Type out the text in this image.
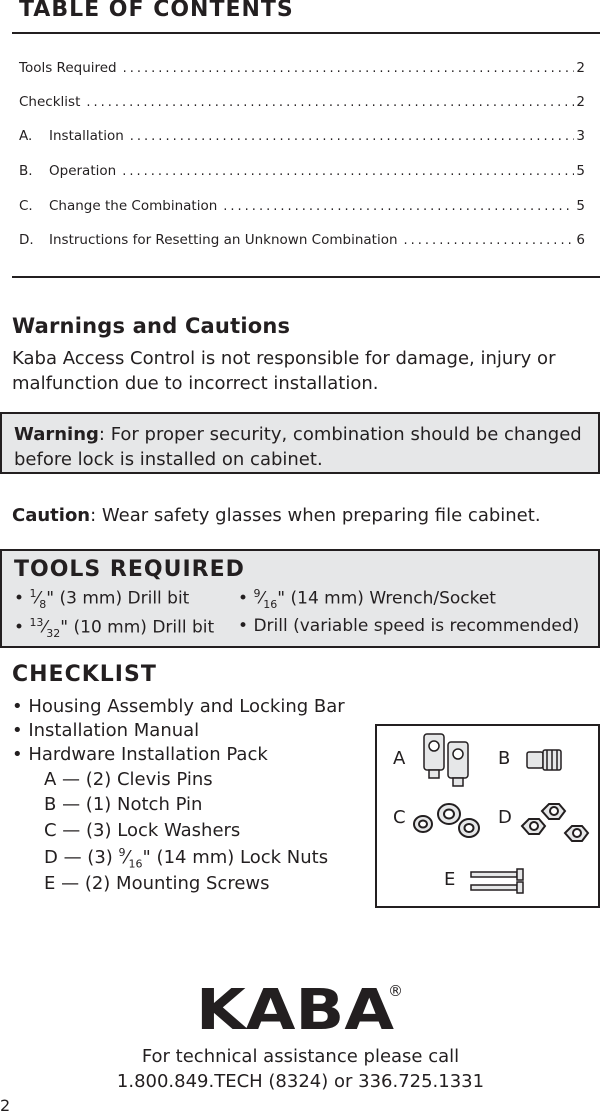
TABLE OF CONTENTS
Tools Required .....	2
Checklist .....	2
A.	Installation .....	3
B.	Operation .....	5
C.	Change the Combination .....	5
D.	Instructions for Resetting an Unknown Combination .....	6
Warnings and Cautions
Kaba Access Control is not responsible for damage, injury or
malfunction due to incorrect installation.
Warning: For proper security, combination should be changed
before lock is installed on cabinet.
Caution: Wear safety glasses when preparing file cabinet.
TOOLS REQUIRED
• $^1⁄_8$" (3 mm) Drill bit
• $^{13}⁄_{32}$" (10 mm) Drill bit
• $^9⁄_{16}$" (14 mm) Wrench/Socket
• Drill (variable speed is recommended)
CHECKLIST
• Housing Assembly and Locking Bar
• Installation Manual
• Hardware Installation Pack
A — (2) Clevis Pins
B — (1) Notch Pin
C — (3) Lock Washers
D — (3) $^9⁄_{16}$" (14 mm) Lock Nuts
E — (2) Mounting Screws
A	B
C	D
E
KABA
®
For technical assistance please call
1.800.849.TECH (8324) or 336.725.1331
2
